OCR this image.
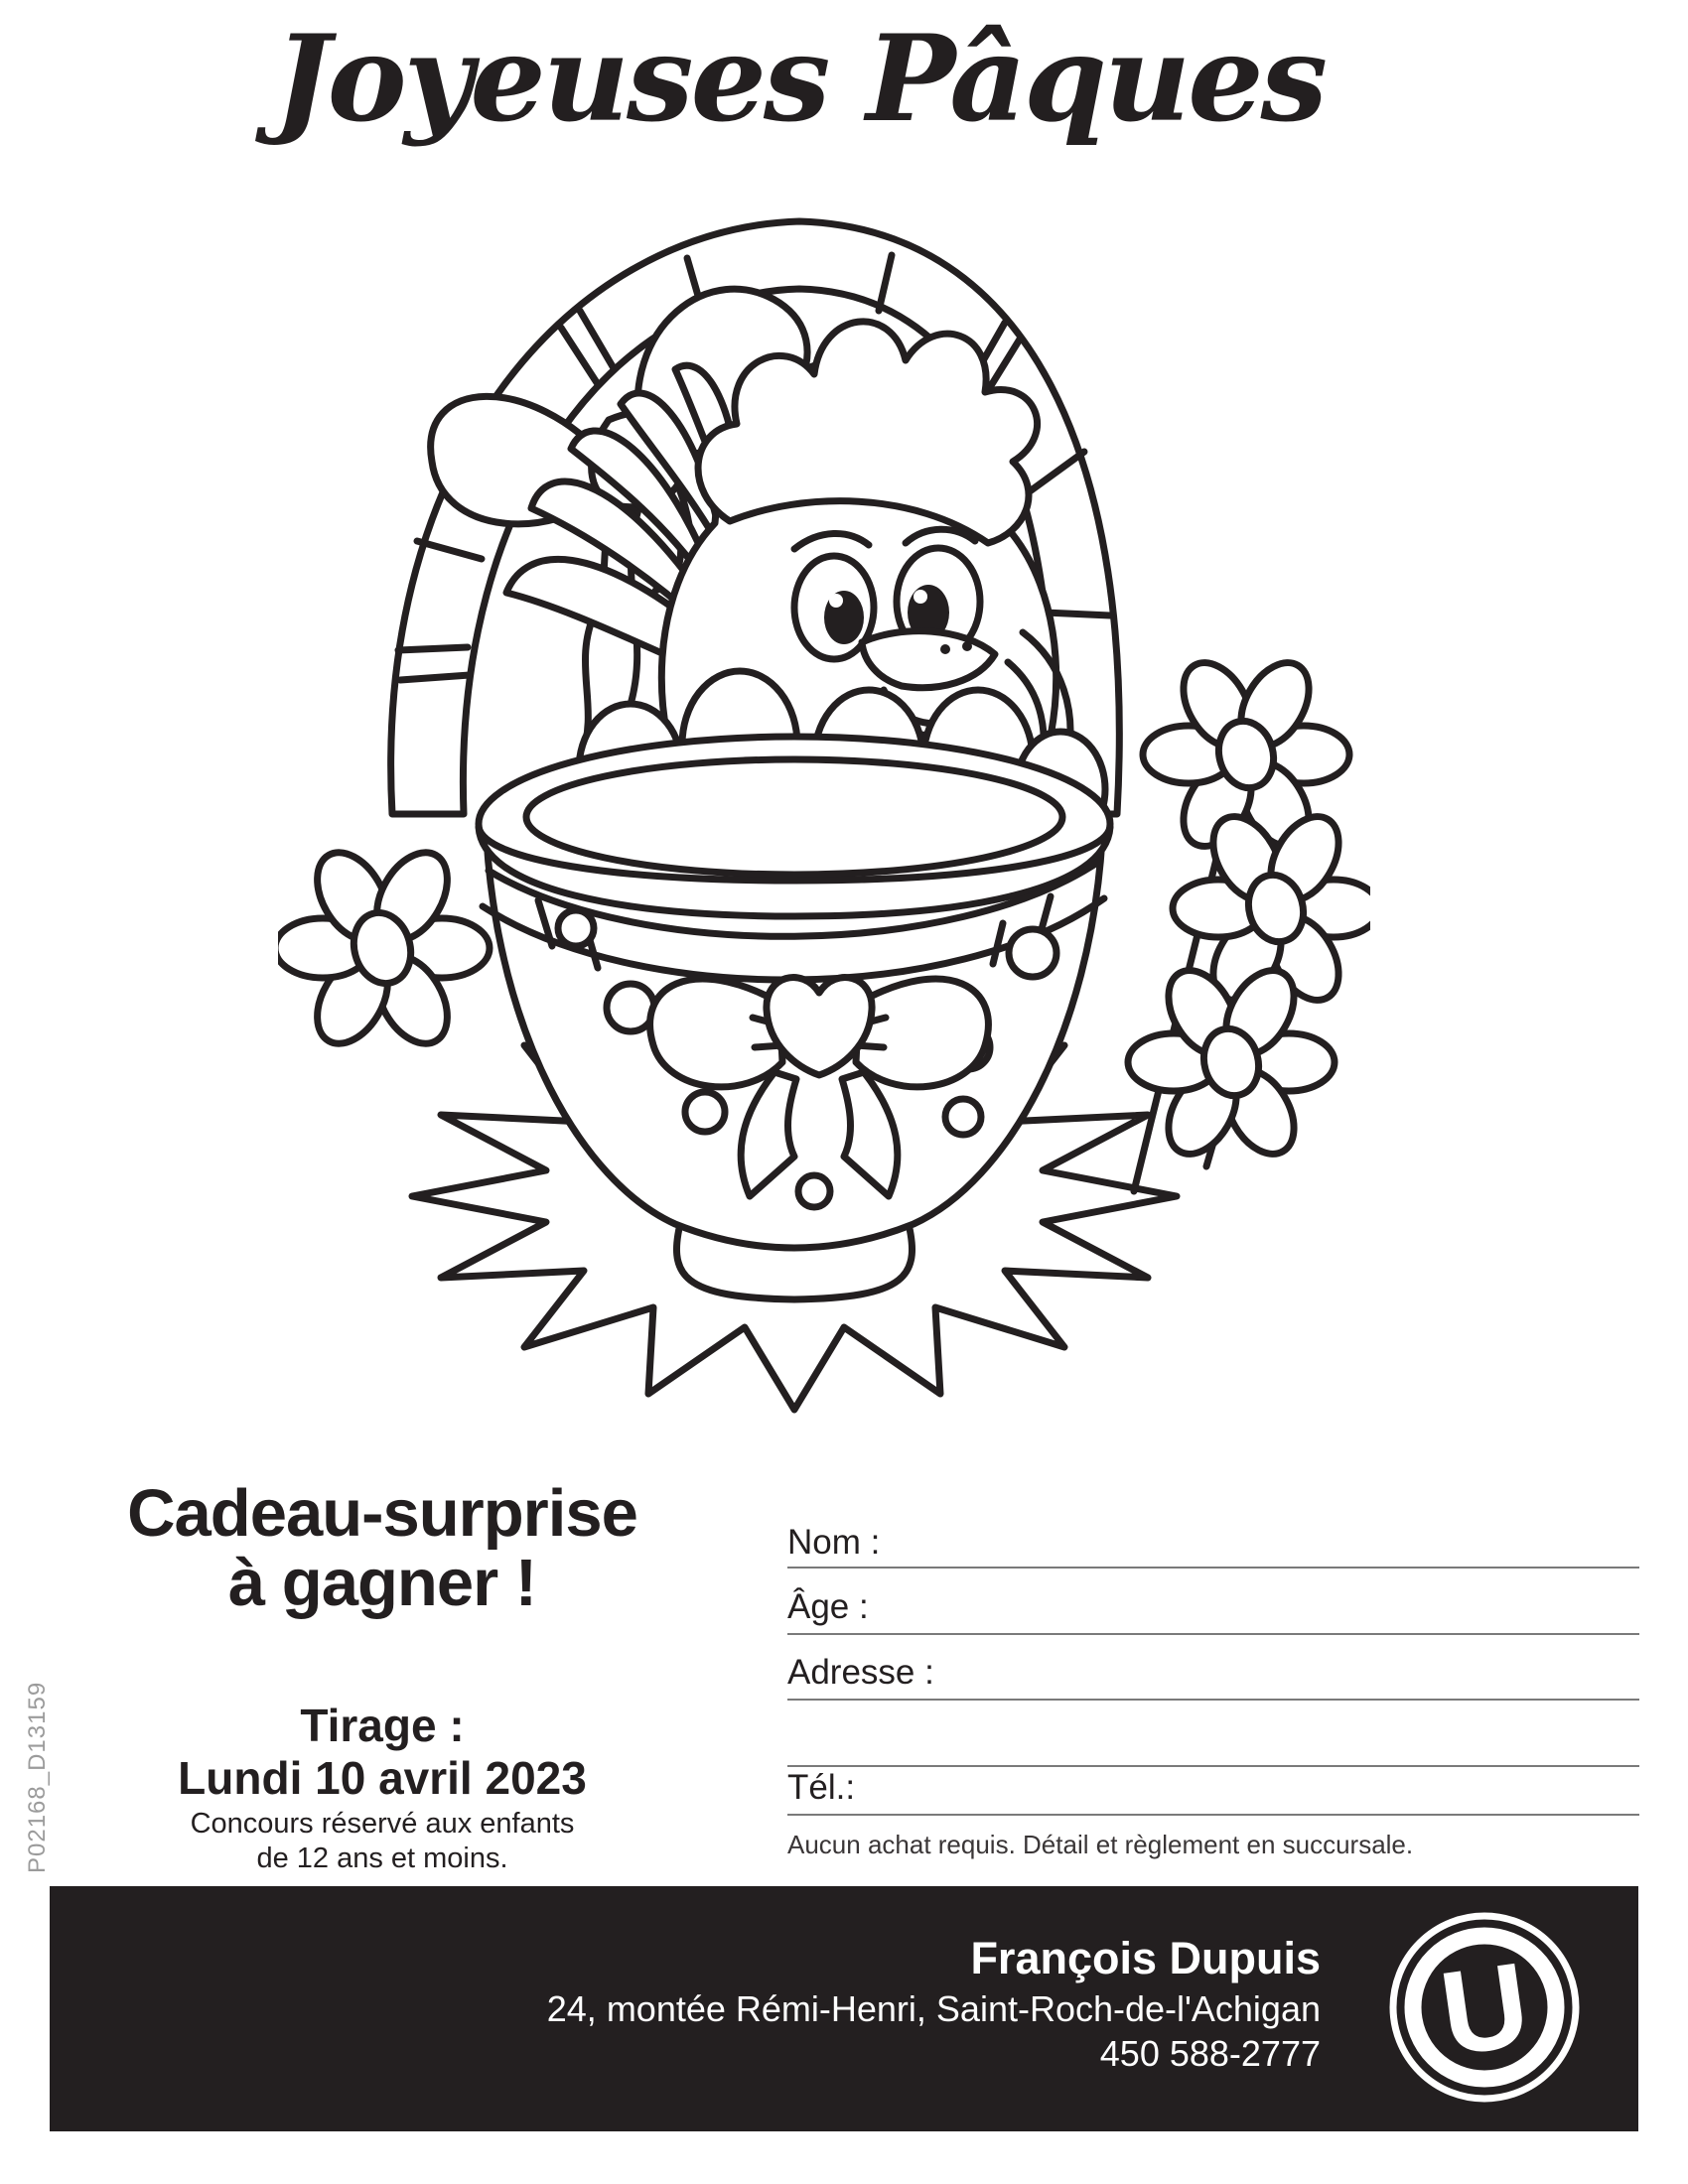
Joyeuses Pâques
Cadeau-surprise
à gagner !
Tirage :
Lundi 10 avril 2023
Concours réservé aux enfants
de 12 ans et moins.
Nom :
Âge :
Adresse :
Tél.:
Aucun achat requis. Détail et règlement en succursale.
P02168_D13159
François Dupuis
24, montée Rémi-Henri, Saint-Roch-de-l'Achigan
450 588-2777 U
